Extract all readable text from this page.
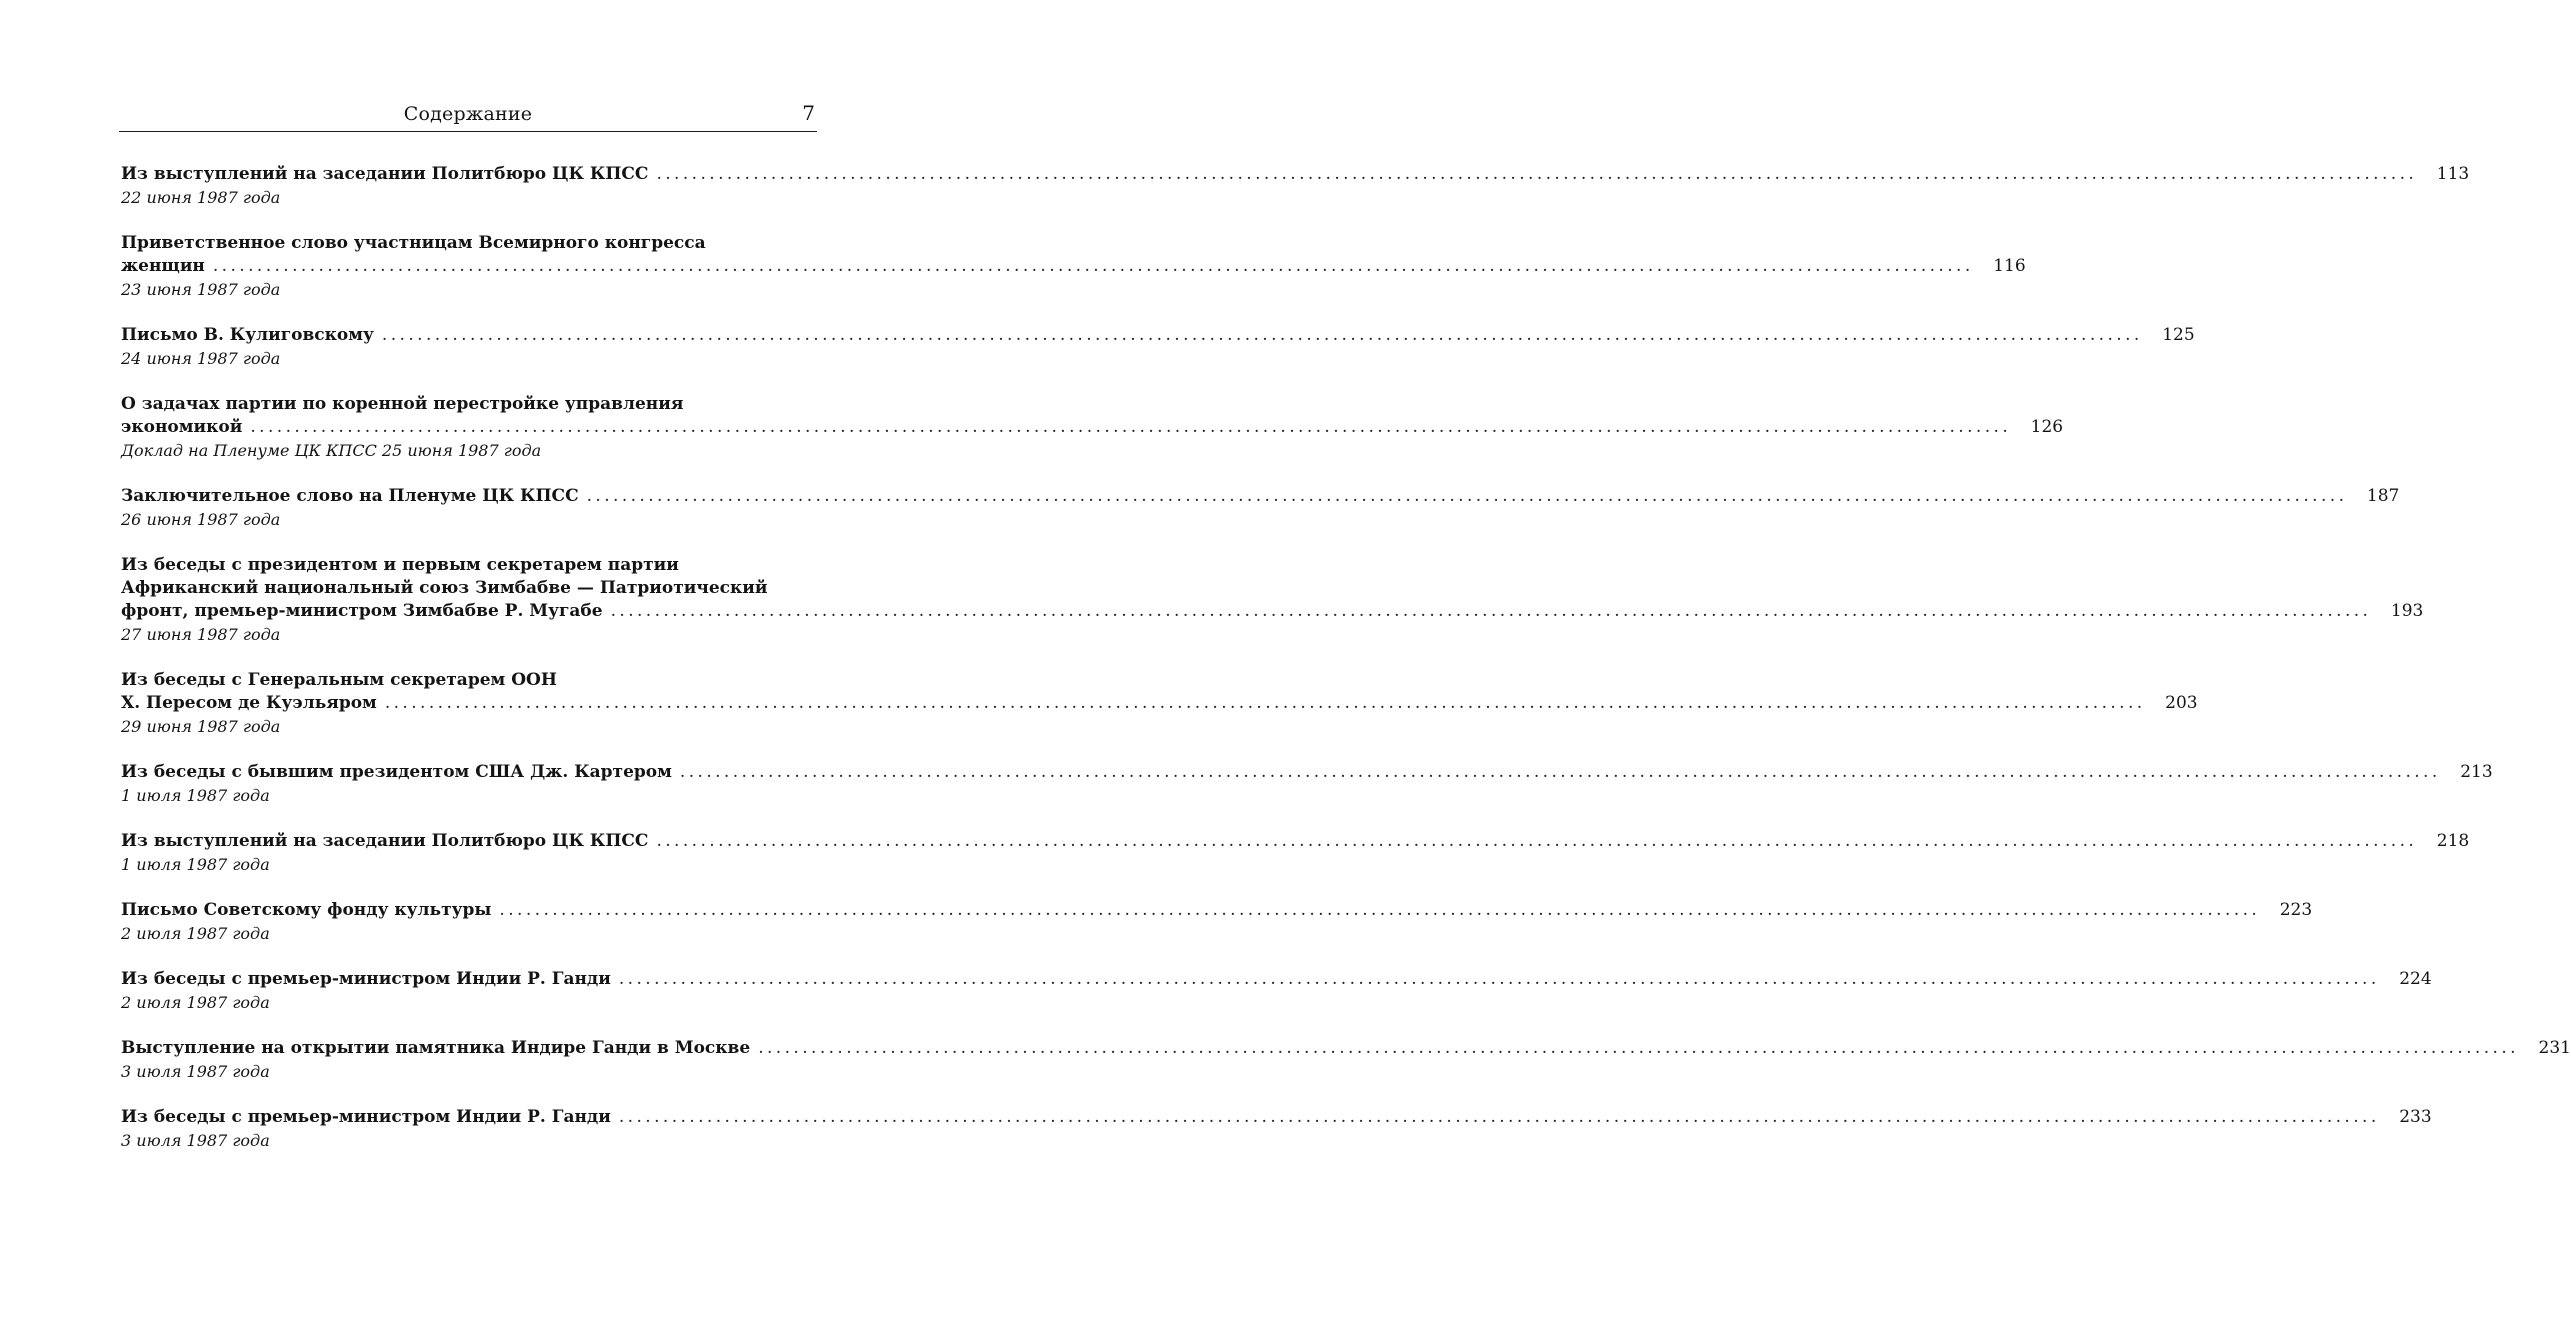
Содержание	7
Из выступлений на заседании Политбюро ЦК КПСС ........................................................................................................................................................................................................	113
22 июня 1987 года
Приветственное слово участницам Всемирного конгресса
женщин ........................................................................................................................................................................................................	116
23 июня 1987 года
Письмо В. Кулиговскому ........................................................................................................................................................................................................	125
24 июня 1987 года
О задачах партии по коренной перестройке управления
экономикой ........................................................................................................................................................................................................	126
Доклад на Пленуме ЦК КПСС 25 июня 1987 года
Заключительное слово на Пленуме ЦК КПСС ........................................................................................................................................................................................................	187
26 июня 1987 года
Из беседы с президентом и первым секретарем партии
Африканский национальный союз Зимбабве — Патриотический
фронт, премьер-министром Зимбабве Р. Мугабе ........................................................................................................................................................................................................	193
27 июня 1987 года
Из беседы с Генеральным секретарем ООН
Х. Пересом де Куэльяром ........................................................................................................................................................................................................	203
29 июня 1987 года
Из беседы с бывшим президентом США Дж. Картером ........................................................................................................................................................................................................	213
1 июля 1987 года
Из выступлений на заседании Политбюро ЦК КПСС ........................................................................................................................................................................................................	218
1 июля 1987 года
Письмо Советскому фонду культуры ........................................................................................................................................................................................................	223
2 июля 1987 года
Из беседы с премьер-министром Индии Р. Ганди ........................................................................................................................................................................................................	224
2 июля 1987 года
Выступление на открытии памятника Индире Ганди в Москве ........................................................................................................................................................................................................	231
3 июля 1987 года
Из беседы с премьер-министром Индии Р. Ганди ........................................................................................................................................................................................................	233
3 июля 1987 года
